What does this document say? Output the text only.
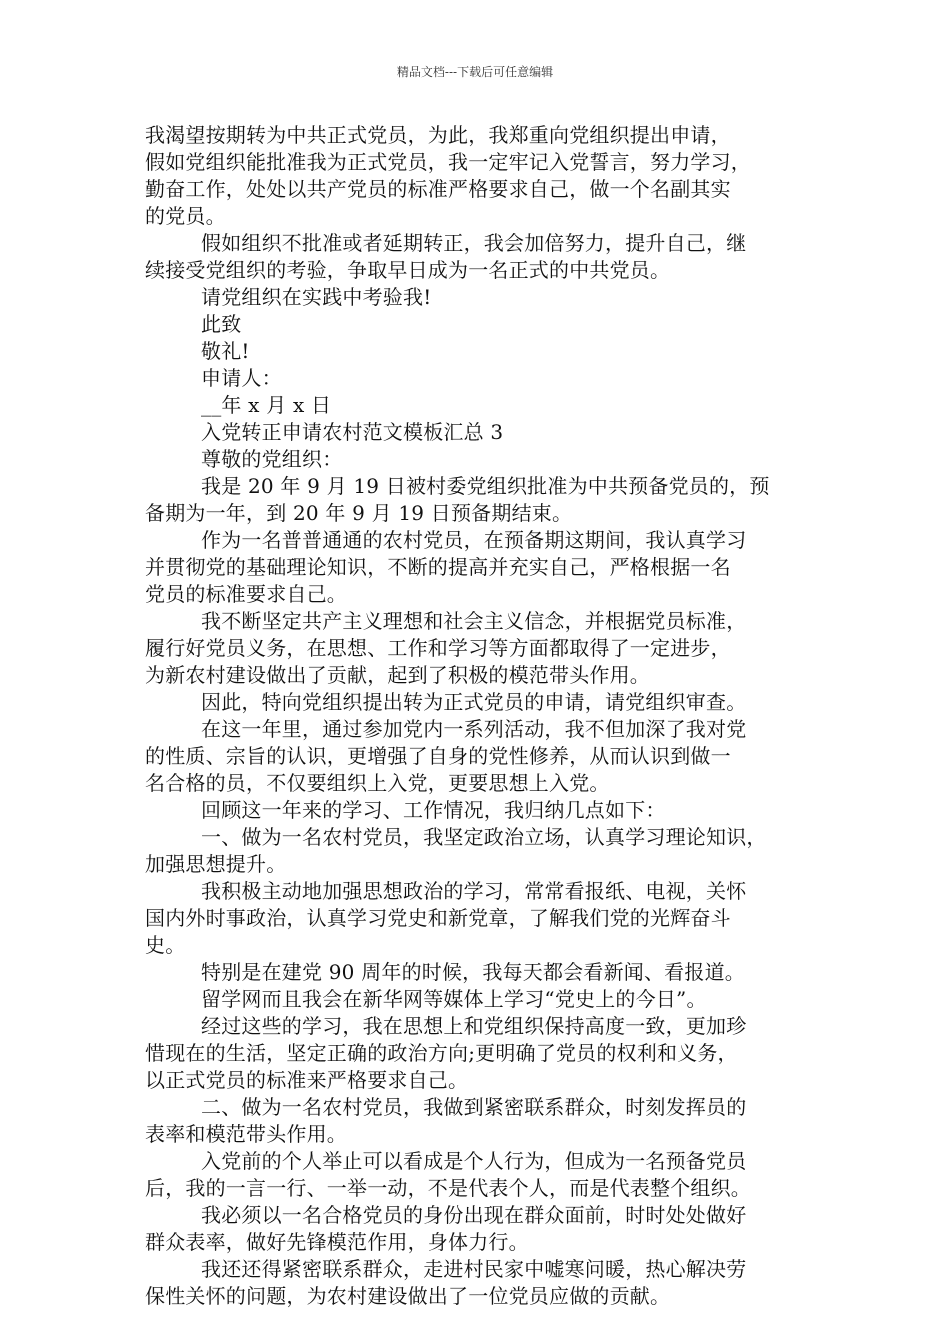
精品文档---下载后可任意编辑
我渴望按期转为中共正式党员，为此，我郑重向党组织提出申请，
假如党组织能批准我为正式党员，我一定牢记入党誓言，努力学习，
勤奋工作，处处以共产党员的标准严格要求自己，做一个名副其实
的党员。
假如组织不批准或者延期转正，我会加倍努力，提升自己，继
续接受党组织的考验，争取早日成为一名正式的中共党员。
请党组织在实践中考验我!
此致
敬礼!
申请人：
__年 x 月 x 日
入党转正申请农村范文模板汇总 3
尊敬的党组织：
我是 20 年 9 月 19 日被村委党组织批准为中共预备党员的，预
备期为一年，到 20 年 9 月 19 日预备期结束。
作为一名普普通通的农村党员，在预备期这期间，我认真学习
并贯彻党的基础理论知识，不断的提高并充实自己，严格根据一名
党员的标准要求自己。
我不断坚定共产主义理想和社会主义信念，并根据党员标准，
履行好党员义务，在思想、工作和学习等方面都取得了一定进步，
为新农村建设做出了贡献，起到了积极的模范带头作用。
因此，特向党组织提出转为正式党员的申请，请党组织审查。
在这一年里，通过参加党内一系列活动，我不但加深了我对党
的性质、宗旨的认识，更增强了自身的党性修养，从而认识到做一
名合格的员，不仅要组织上入党，更要思想上入党。
回顾这一年来的学习、工作情况，我归纳几点如下：
一、做为一名农村党员，我坚定政治立场，认真学习理论知识，
加强思想提升。
我积极主动地加强思想政治的学习，常常看报纸、电视，关怀
国内外时事政治，认真学习党史和新党章，了解我们党的光辉奋斗
史。
特别是在建党 90 周年的时候，我每天都会看新闻、看报道。
留学网而且我会在新华网等媒体上学习“党史上的今日”。
经过这些的学习，我在思想上和党组织保持高度一致，更加珍
惜现在的生活，坚定正确的政治方向;更明确了党员的权利和义务，
以正式党员的标准来严格要求自己。
二、做为一名农村党员，我做到紧密联系群众，时刻发挥员的
表率和模范带头作用。
入党前的个人举止可以看成是个人行为，但成为一名预备党员
后，我的一言一行、一举一动，不是代表个人，而是代表整个组织。
我必须以一名合格党员的身份出现在群众面前，时时处处做好
群众表率，做好先锋模范作用，身体力行。
我还还得紧密联系群众，走进村民家中嘘寒问暖，热心解决劳
保性关怀的问题，为农村建设做出了一位党员应做的贡献。
